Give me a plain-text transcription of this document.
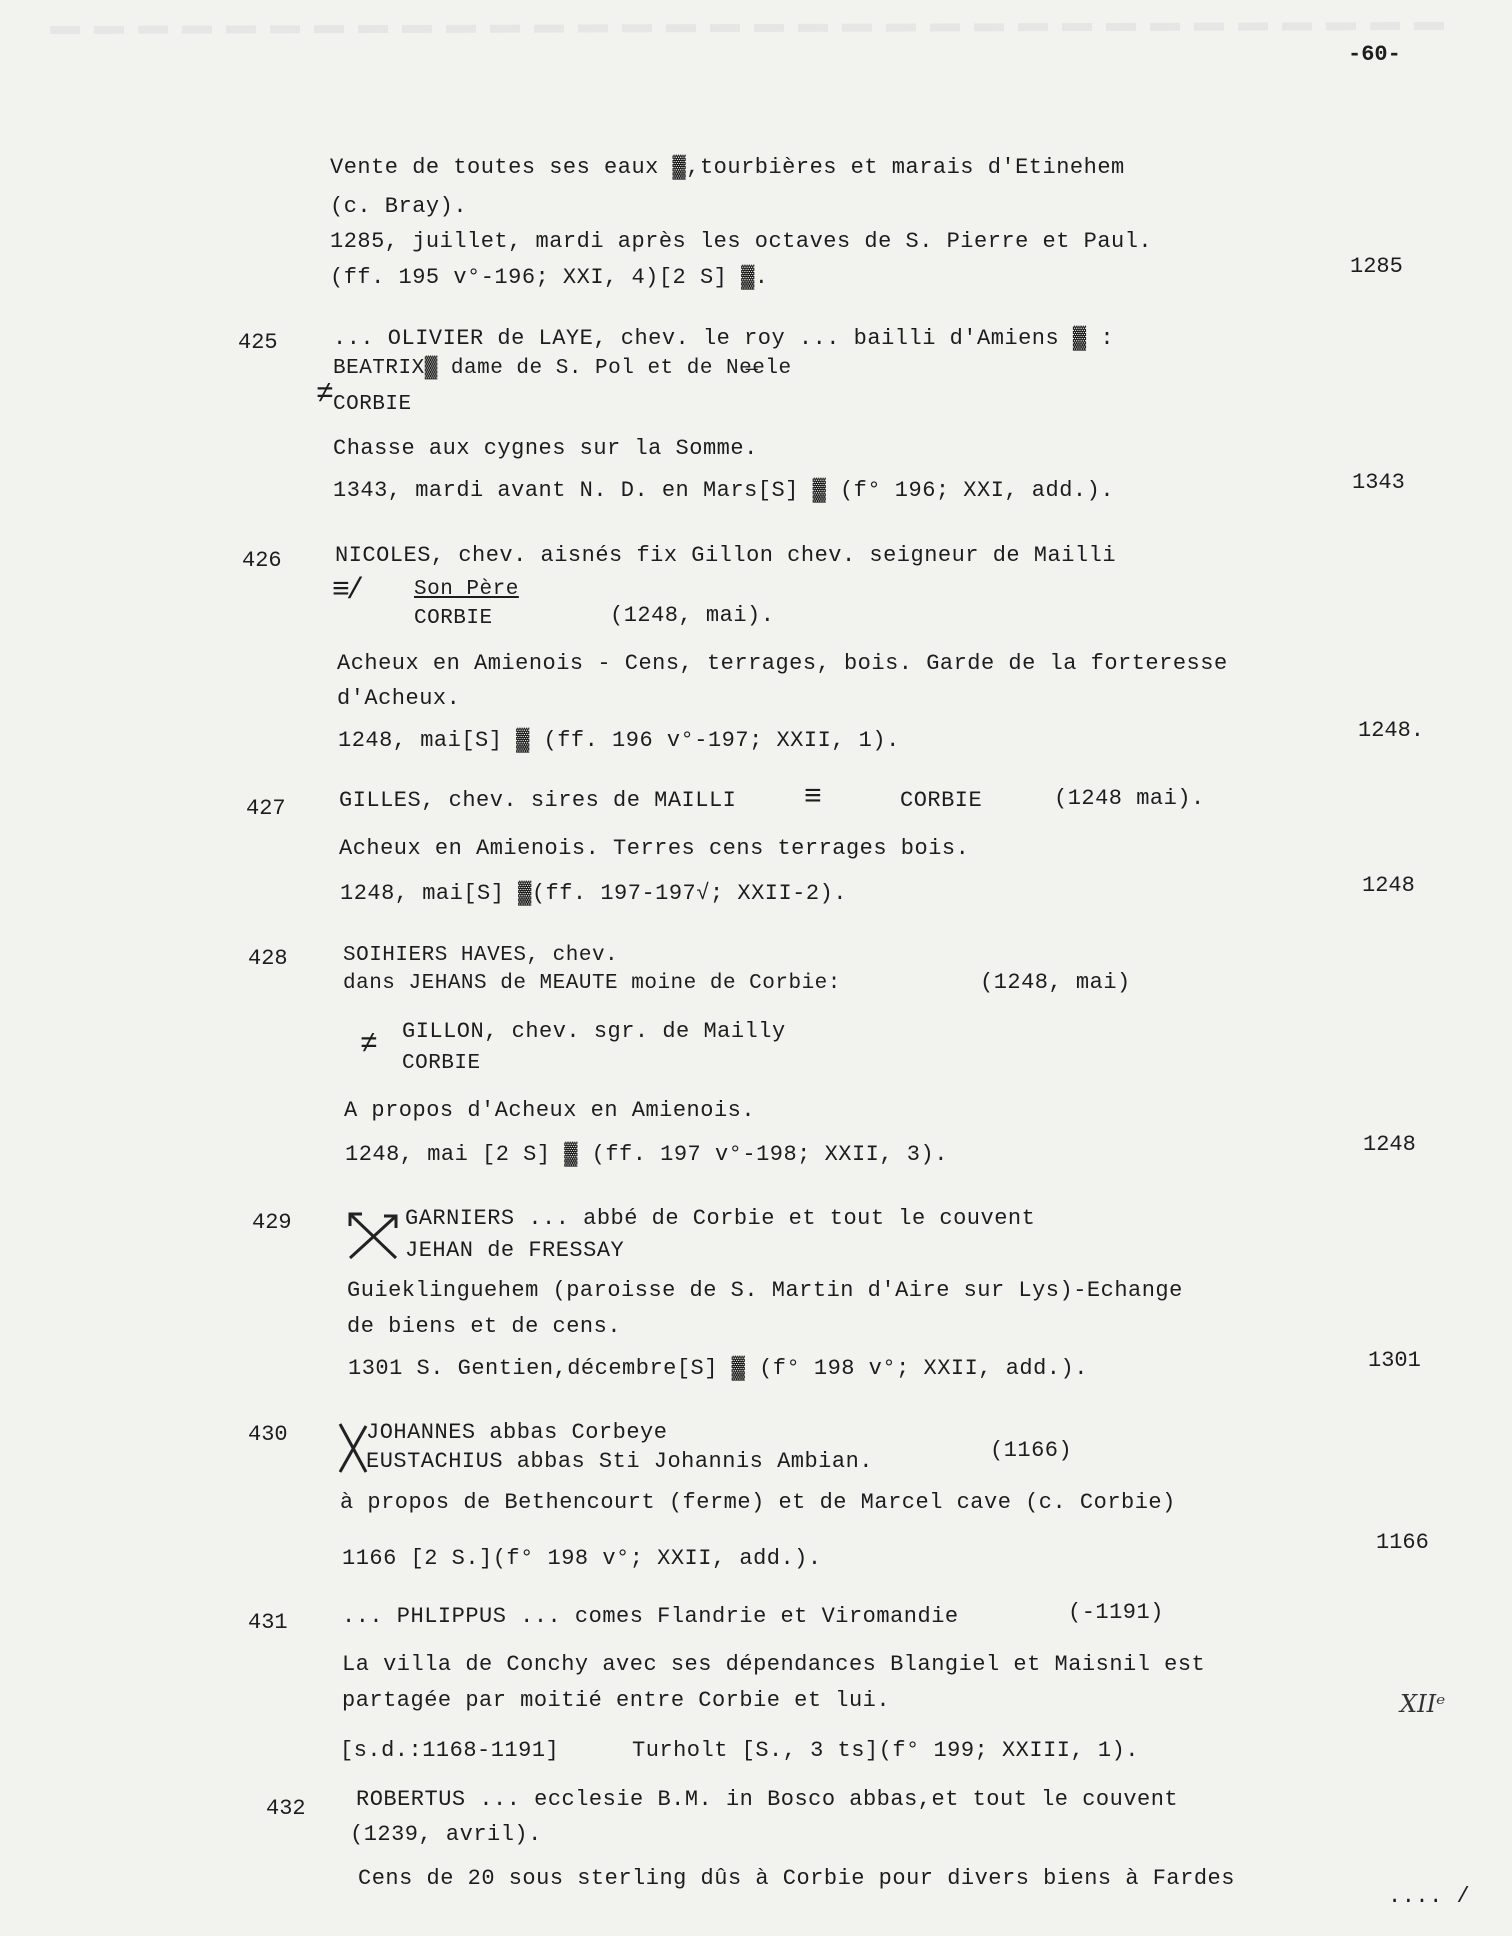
-60-
Vente de toutes ses eaux ▓,tourbières et marais d'Etinehem
(c. Bray).
1285, juillet, mardi après les octaves de S. Pierre et Paul.
(ff. 195 v°-196; XXI, 4)[2 S] ▓.	1285
425	... OLIVIER de LAYE, chev. le roy ... bailli d'Amiens ▓ :
BEATRIX▓ dame de S. Pol et de Ne̶ele
≠
CORBIE
Chasse aux cygnes sur la Somme.
1343, mardi avant N. D. en Mars[S] ▓ (f° 196; XXI, add.).	1343
426 NICOLES, chev. aisnés fix Gillon chev. seigneur de Mailli
≡/	Son Père
CORBIE	(1248, mai).
Acheux en Amienois - Cens, terrages, bois. Garde de la forteresse
d'Acheux.
1248, mai[S] ▓ (ff. 196 v°-197; XXII, 1).	1248.
427 GILLES, chev. sires de MAILLI ≡	CORBIE	(1248 mai).
Acheux en Amienois. Terres cens terrages bois.
1248, mai[S] ▓(ff. 197-197√; XXII-2).	1248
428	SOIHIERS HAVES, chev.
dans JEHANS de MEAUTE moine de Corbie:	(1248, mai)
≠ GILLON, chev. sgr. de Mailly
CORBIE
A propos d'Acheux en Amienois.
1248, mai [2 S] ▓ (ff. 197 v°-198; XXII, 3).	1248
429	GARNIERS ... abbé de Corbie et tout le couvent
JEHAN de FRESSAY
Guieklinguehem (paroisse de S. Martin d'Aire sur Lys)-Echange
de biens et de cens.
1301 S. Gentien,décembre[S] ▓ (f° 198 v°; XXII, add.).	1301
430	JOHANNES abbas Corbeye
(1166)
EUSTACHIUS abbas Sti Johannis Ambian.
à propos de Bethencourt (ferme) et de Marcel cave (c. Corbie)
1166 [2 S.](f° 198 v°; XXII, add.).
1166
431 ... PHLIPPUS ... comes Flandrie et Viromandie	(-1191)
La villa de Conchy avec ses dépendances Blangiel et Maisnil est
partagée par moitié entre Corbie et lui.
[s.d.:1168-1191]	Turholt [S., 3 ts](f° 199; XXIII, 1).
XIIᵉ
432 ROBERTUS ... ecclesie B.M. in Bosco abbas,et tout le couvent
(1239, avril).
Cens de 20 sous sterling dûs à Corbie pour divers biens à Fardes
.... /
